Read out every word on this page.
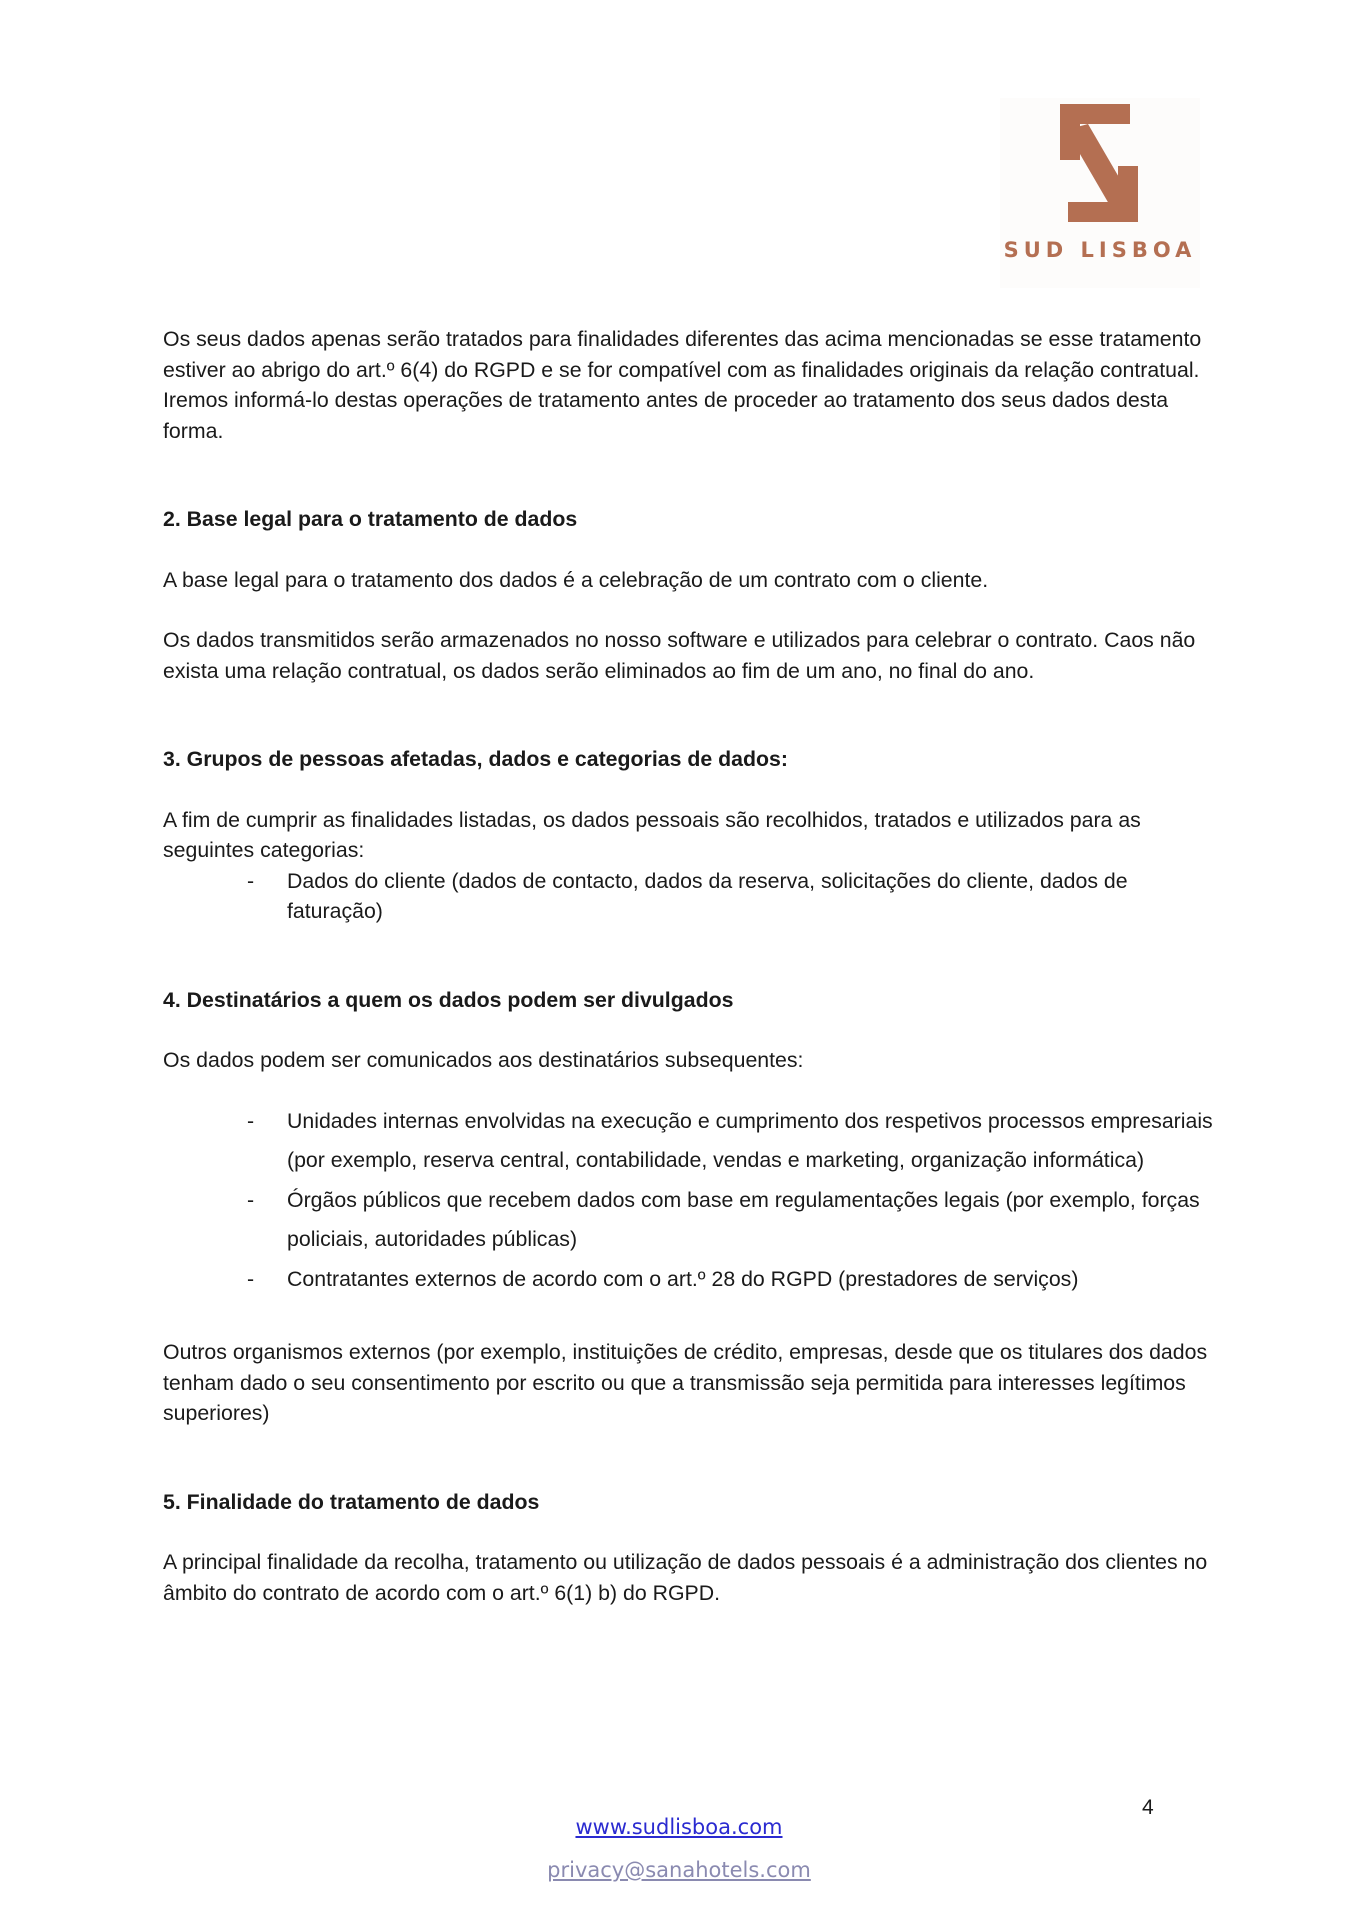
SUD LISBOA

Os seus dados apenas serão tratados para finalidades diferentes das acima mencionadas se esse tratamento estiver ao abrigo do art.º 6(4) do RGPD e se for compatível com as finalidades originais da relação contratual. Iremos informá-lo destas operações de tratamento antes de proceder ao tratamento dos seus dados desta forma.

2. Base legal para o tratamento de dados

A base legal para o tratamento dos dados é a celebração de um contrato com o cliente.

Os dados transmitidos serão armazenados no nosso software e utilizados para celebrar o contrato. Caos não exista uma relação contratual, os dados serão eliminados ao fim de um ano, no final do ano.

3. Grupos de pessoas afetadas, dados e categorias de dados:

A fim de cumprir as finalidades listadas, os dados pessoais são recolhidos, tratados e utilizados para as seguintes categorias:

- Dados do cliente (dados de contacto, dados da reserva, solicitações do cliente, dados de faturação)
4. Destinatários a quem os dados podem ser divulgados

Os dados podem ser comunicados aos destinatários subsequentes:

- Unidades internas envolvidas na execução e cumprimento dos respetivos processos empresariais (por exemplo, reserva central, contabilidade, vendas e marketing, organização informática)
- Órgãos públicos que recebem dados com base em regulamentações legais (por exemplo, forças policiais, autoridades públicas)
- Contratantes externos de acordo com o art.º 28 do RGPD (prestadores de serviços)

Outros organismos externos (por exemplo, instituições de crédito, empresas, desde que os titulares dos dados tenham dado o seu consentimento por escrito ou que a transmissão seja permitida para interesses legítimos superiores)

5. Finalidade do tratamento de dados

A principal finalidade da recolha, tratamento ou utilização de dados pessoais é a administração dos clientes no âmbito do contrato de acordo com o art.º 6(1) b) do RGPD.

4
www.sudlisboa.com
privacy@sanahotels.com
